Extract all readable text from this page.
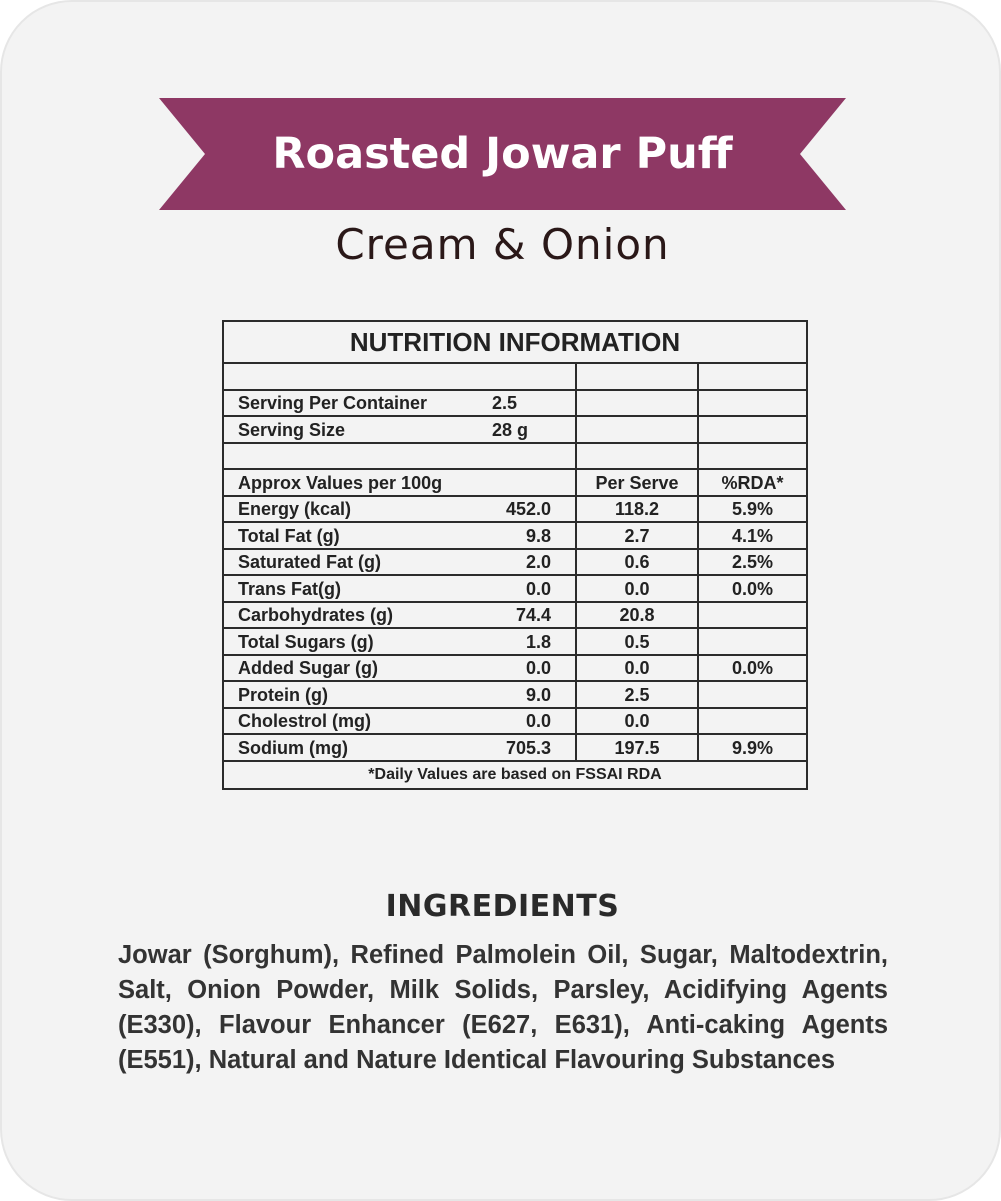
Roasted Jowar Puff
Cream & Onion
NUTRITION INFORMATION			

Serving Per Container	2.5		
Serving Size	28 g		

Approx Values per 100g		Per Serve	%RDA*
Energy (kcal)	452.0	118.2	5.9%
Total Fat (g)	9.8	2.7	4.1%
Saturated Fat (g)	2.0	0.6	2.5%
Trans Fat(g)	0.0	0.0	0.0%
Carbohydrates (g)	74.4	20.8	
Total Sugars (g)	1.8	0.5	
Added Sugar (g)	0.0	0.0	0.0%
Protein (g)	9.0	2.5	
Cholestrol (mg)	0.0	0.0	
Sodium (mg)	705.3	197.5	9.9%
*Daily Values are based on FSSAI RDA			
INGREDIENTS
Jowar (Sorghum), Refined Palmolein Oil, Sugar, Maltodextrin, Salt, Onion Powder, Milk Solids, Parsley, Acidifying Agents (E330), Flavour Enhancer (E627, E631), Anti-caking Agents (E551), Natural and Nature Identical Flavouring Substances
